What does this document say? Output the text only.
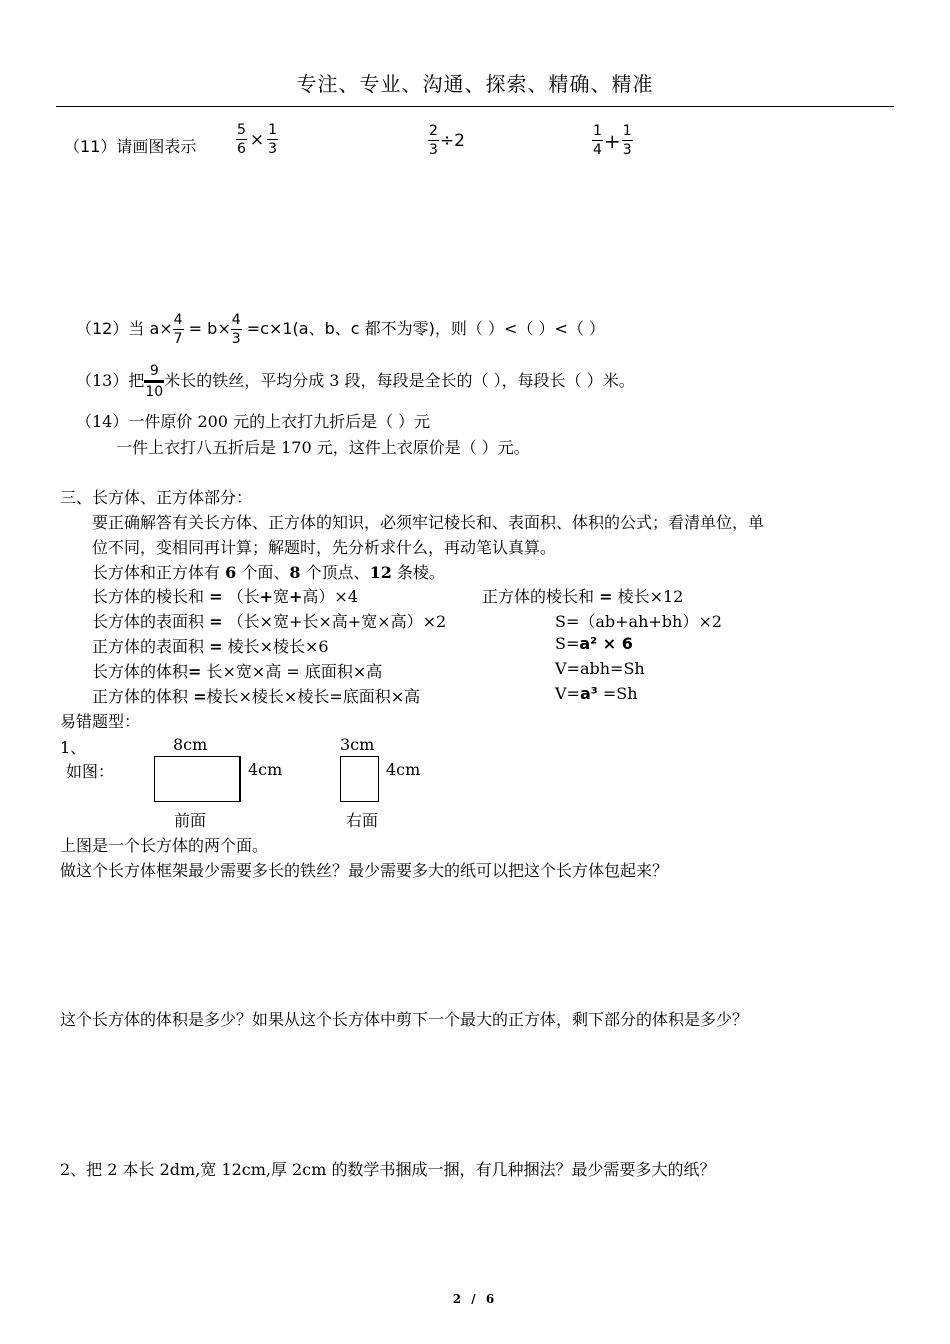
专注、专业、沟通、探索、精确、精准
（11）请画图表示	$\frac{5}{6} \times \frac{1}{3}$	$\frac{2}{3} \div 2$	$\frac{1}{4} + \frac{1}{3}$
（12）当 $a\times \frac{4}{7} = b\times \frac{4}{3} =c\times 1(a$、b、c 都不为零)，则（ ）<（ ）<（ ）
（13）把 $\frac{9}{10}$ 米长的铁丝，平均分成 3 段，每段是全长的（ ），每段长（ ）米。
（14）一件原价 200 元的上衣打九折后是（ ）元
一件上衣打八五折后是 170 元，这件上衣原价是（ ）元。
三、长方体、正方体部分：
要正确解答有关长方体、正方体的知识，必须牢记棱长和、表面积、体积的公式；看清单位，单
位不同，变相同再计算；解题时，先分析求什么，再动笔认真算。
长方体和正方体有 6 个面、8 个顶点、12 条棱。
长方体的棱长和 = （长+宽+高）×4	正方体的棱长和 = 棱长×12
长方体的表面积 = （长×宽+长×高+宽×高）×2	S=（ab+ah+bh）×2
正方体的表面积 = 棱长×棱长×6	S=a² × 6
长方体的体积= 长×宽×高 = 底面积×高	V=abh=Sh
正方体的体积 =棱长×棱长×棱长=底面积×高	V=a³ =Sh
易错题型：
1、
如图：
8cm
4cm
前面
3cm
4cm
右面
上图是一个长方体的两个面。
做这个长方体框架最少需要多长的铁丝？最少需要多大的纸可以把这个长方体包起来？
这个长方体的体积是多少？如果从这个长方体中剪下一个最大的正方体，剩下部分的体积是多少？
2、把 2 本长 2dm,宽 12cm,厚 2cm 的数学书捆成一捆，有几种捆法？最少需要多大的纸？
2 / 6
